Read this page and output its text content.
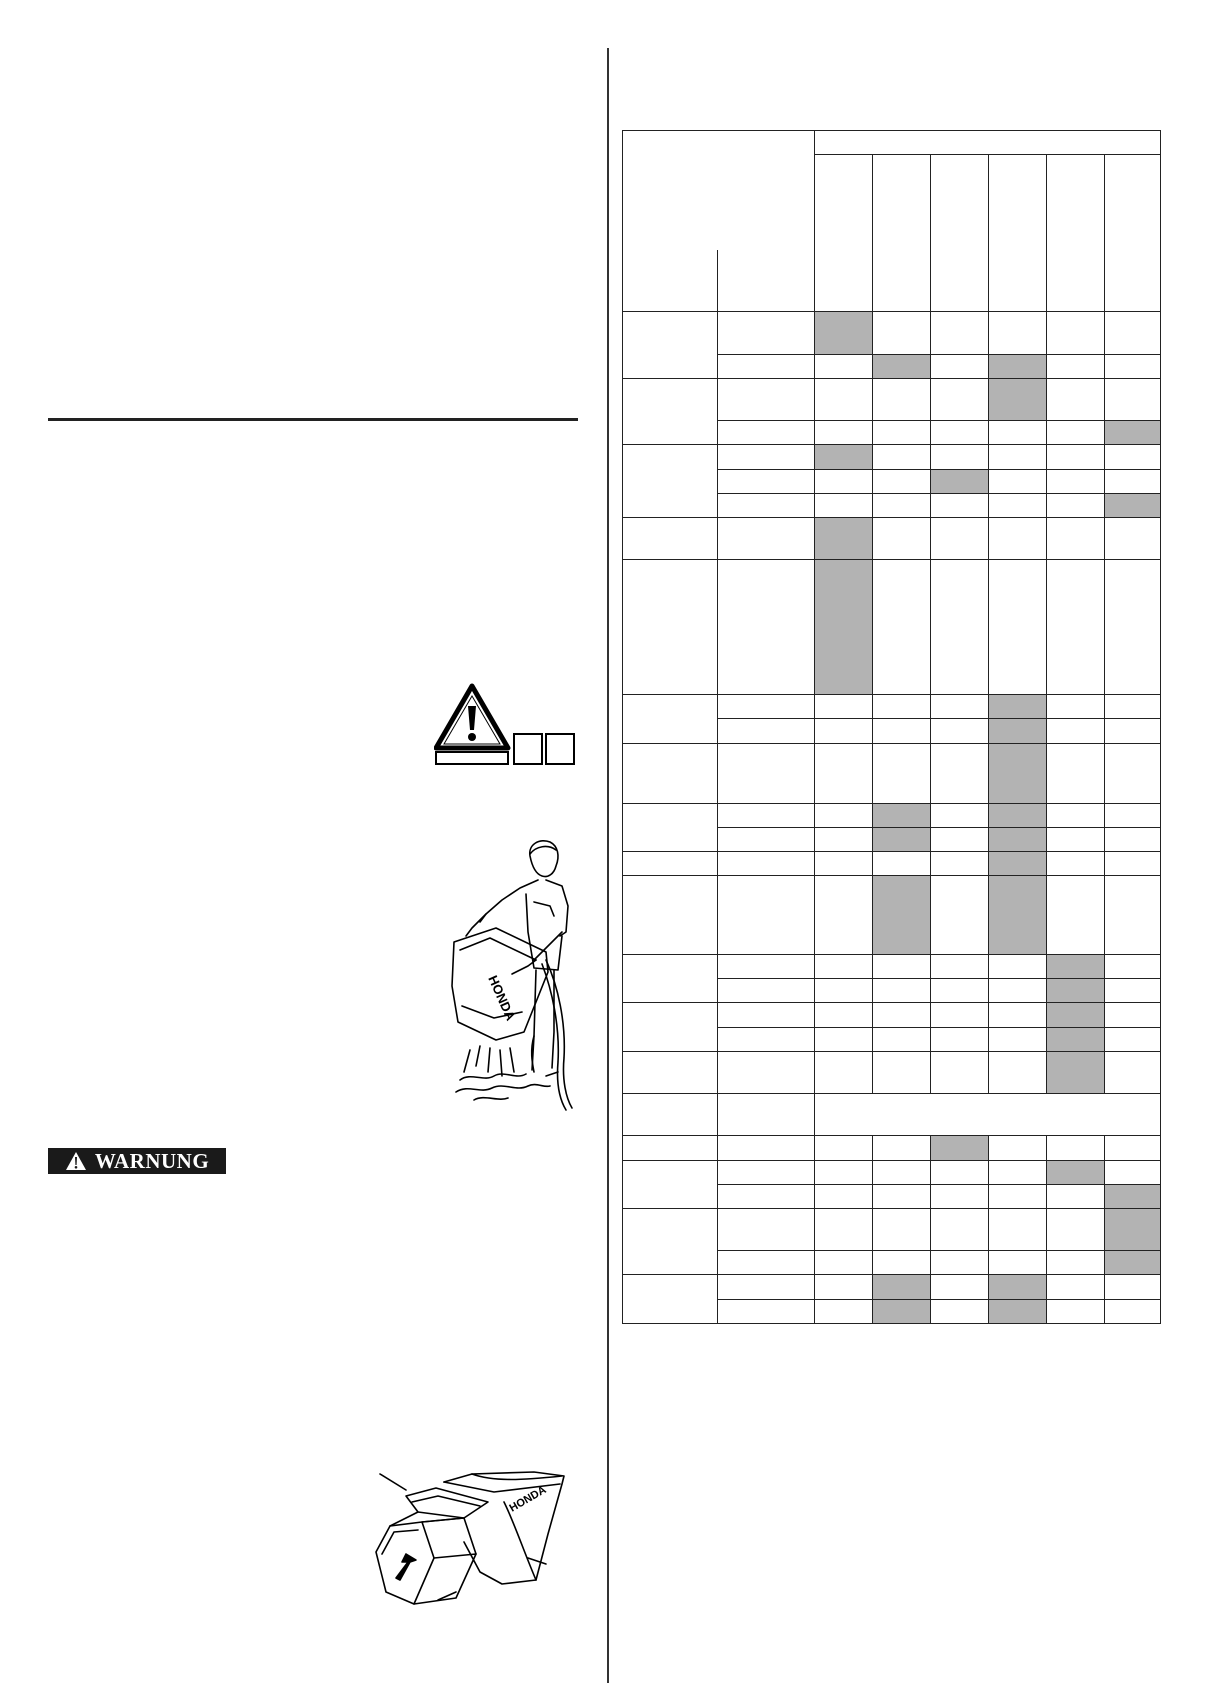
HONDA
HONDA
WARNUNG
